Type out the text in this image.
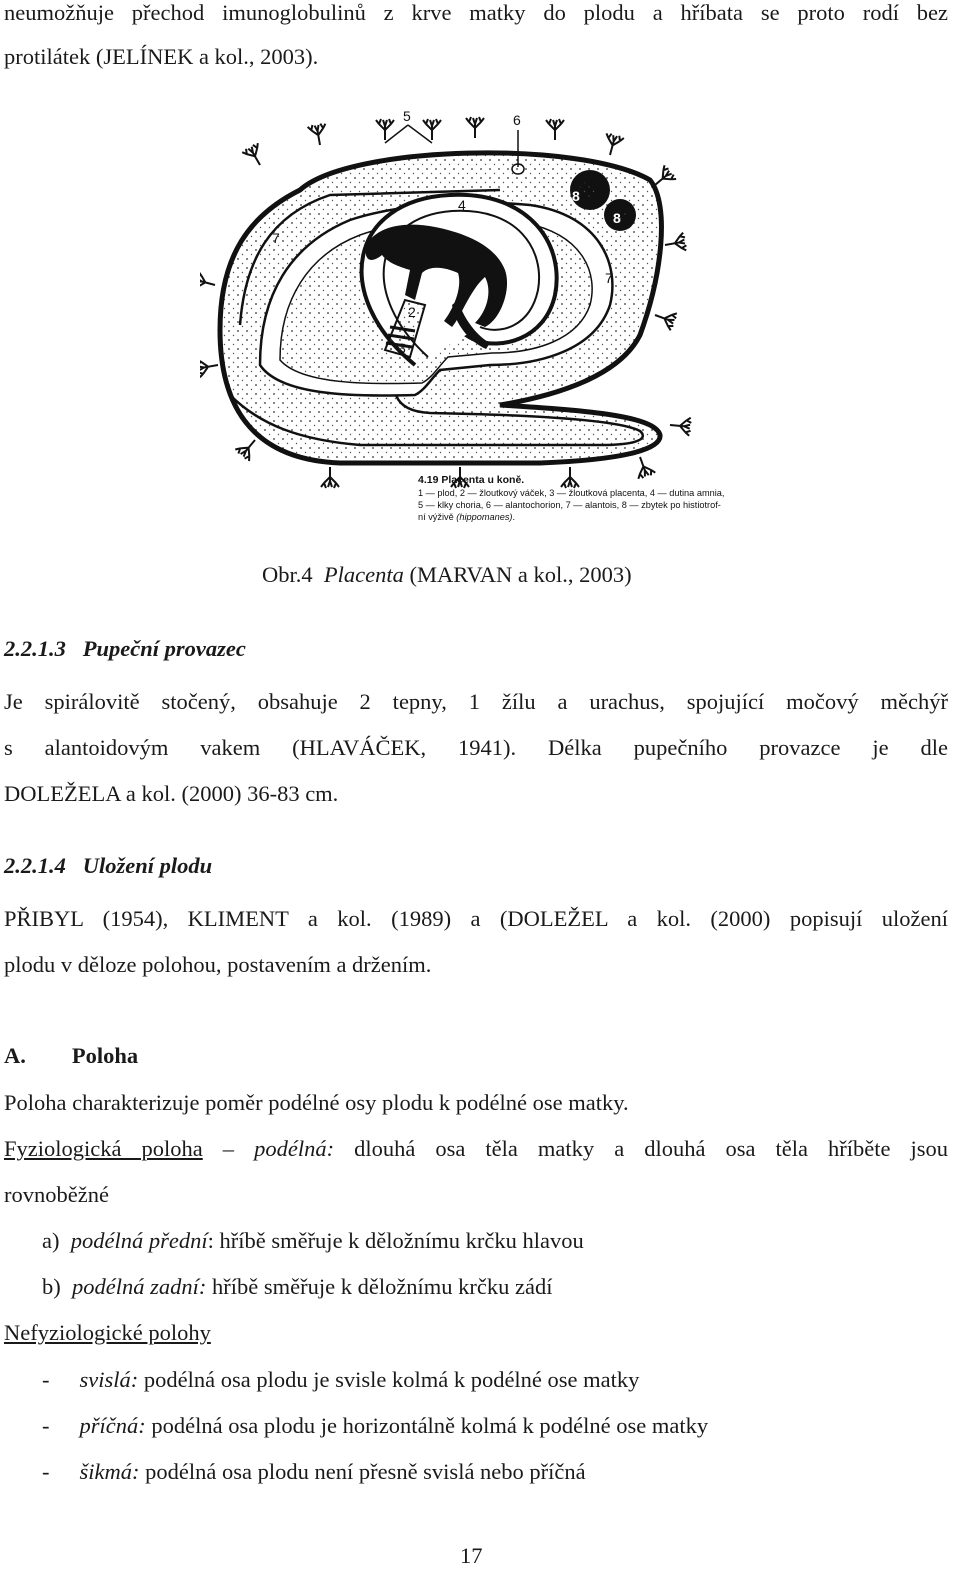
neumožňuje přechod imunoglobulinů z krve matky do plodu a hříbata se proto rodí bez
protilátek (JELÍNEK a kol., 2003).
1
2
3
4
5	6
7
7
8
8
4.19 Placenta u koně.
1 — plod, 2 — žloutkový váček, 3 — žloutková placenta, 4 — dutina amnia,
5 — klky choria, 6 — alantochorion, 7 — alantois, 8 — zbytek po histiotrof-
ní výživě (hippomanes).
Obr.4 Placenta (MARVAN a kol., 2003)
2.2.1.3 Pupeční provazec
Je spirálovitě stočený, obsahuje 2 tepny, 1 žílu a urachus, spojující močový měchýř
s alantoidovým vakem (HLAVÁČEK, 1941). Délka pupečního provazce je dle
DOLEŽELA a kol. (2000) 36-83 cm.
2.2.1.4 Uložení plodu
PŘIBYL (1954), KLIMENT a kol. (1989) a (DOLEŽEL a kol. (2000) popisují uložení
plodu v děloze polohou, postavením a držením.
A. Poloha
Poloha charakterizuje poměr podélné osy plodu k podélné ose matky.
Fyziologická poloha – podélná: dlouhá osa těla matky a dlouhá osa těla hříběte jsou
rovnoběžné
a) podélná přední: hříbě směřuje k děložnímu krčku hlavou
b) podélná zadní: hříbě směřuje k děložnímu krčku zádí
Nefyziologické polohy
- svislá: podélná osa plodu je svisle kolmá k podélné ose matky
- příčná: podélná osa plodu je horizontálně kolmá k podélné ose matky
- šikmá: podélná osa plodu není přesně svislá nebo příčná
17
